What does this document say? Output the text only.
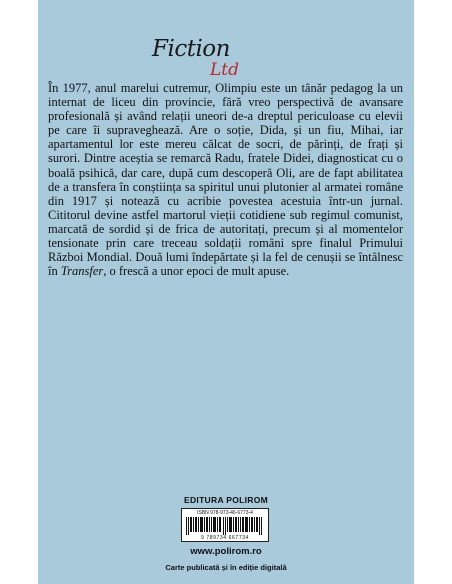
Fiction
Ltd

În 1977, anul marelui cutremur, Olimpiu este un tânăr pedagog la un internat de liceu din provincie, fără vreo perspectivă de avansare profesională și având relații uneori de-a dreptul periculoase cu elevii pe care îi supraveghează. Are o soție, Dida, și un fiu, Mihai, iar apartamentul lor este mereu călcat de socri, de părinți, de frați și surori. Dintre aceștia se remarcă Radu, fratele Didei, diagnosticat cu o boală psihică, dar care, după cum descoperă Oli, are de fapt abilitatea de a transfera în conștiința sa spiritul unui plutonier al armatei române din 1917 și notează cu acribie povestea acestuia într-un jurnal. Cititorul devine astfel martorul vieții cotidiene sub regimul comunist, marcată de sordid și de frica de autoritați, precum și al momentelor tensionate prin care treceau soldații români spre finalul Primului Război Mondial. Două lumi îndepărtate și la fel de cenușii se întâlnesc în Transfer, o frescă a unor epoci de mult apuse.

EDITURA POLIROM
ISBN 978-973-46-6773-4
9 789734 667734
www.polirom.ro
Carte publicată și în ediție digitală
